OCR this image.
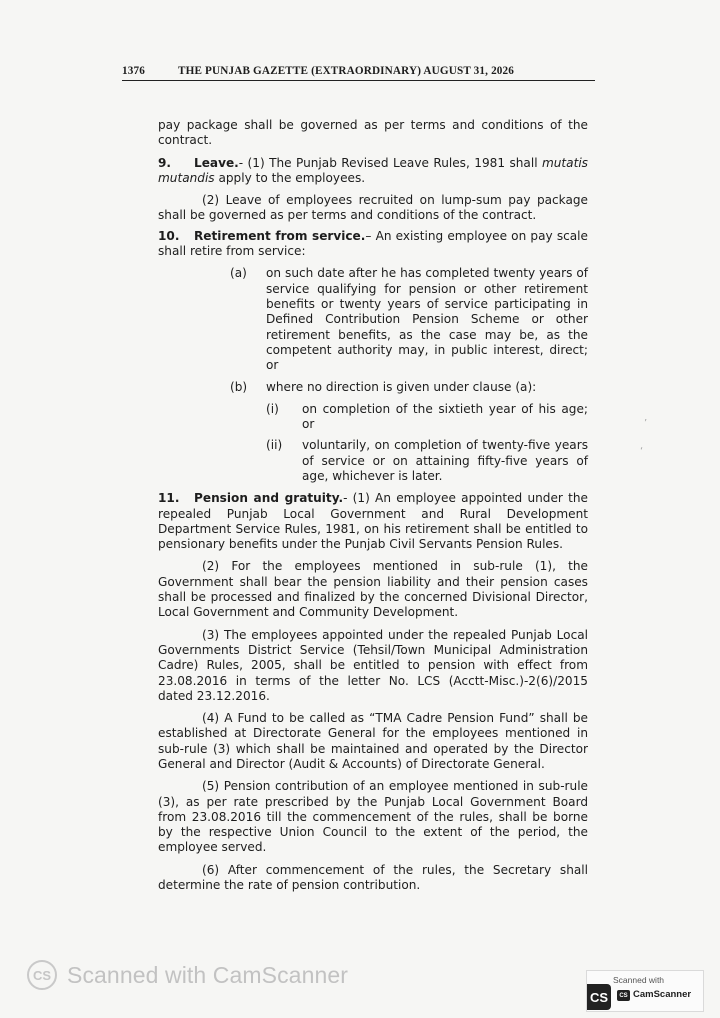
1376	THE PUNJAB GAZETTE (EXTRAORDINARY) AUGUST 31, 2026

pay package shall be governed as per terms and conditions of the contract.

9. Leave.- (1) The Punjab Revised Leave Rules, 1981 shall mutatis mutandis apply to the employees.

(2) Leave of employees recruited on lump-sum pay package shall be governed as per terms and conditions of the contract.

10. Retirement from service.– An existing employee on pay scale shall retire from service:

(a) on such date after he has completed twenty years of service qualifying for pension or other retirement benefits or twenty years of service participating in Defined Contribution Pension Scheme or other retirement benefits, as the case may be, as the competent authority may, in public interest, direct; or
(b) where no direction is given under clause (a):
(i) on completion of the sixtieth year of his age; or
(ii) voluntarily, on completion of twenty-five years of service or on attaining fifty-five years of age, whichever is later.

11. Pension and gratuity.- (1) An employee appointed under the repealed Punjab Local Government and Rural Development Department Service Rules, 1981, on his retirement shall be entitled to pensionary benefits under the Punjab Civil Servants Pension Rules.

(2) For the employees mentioned in sub-rule (1), the Government shall bear the pension liability and their pension cases shall be processed and finalized by the concerned Divisional Director, Local Government and Community Development.

(3) The employees appointed under the repealed Punjab Local Governments District Service (Tehsil/Town Municipal Administration Cadre) Rules, 2005, shall be entitled to pension with effect from 23.08.2016 in terms of the letter No. LCS (Acctt-Misc.)-2(6)/2015 dated 23.12.2016.

(4) A Fund to be called as “TMA Cadre Pension Fund” shall be established at Directorate General for the employees mentioned in sub-rule (3) which shall be maintained and operated by the Director General and Director (Audit & Accounts) of Directorate General.

(5) Pension contribution of an employee mentioned in sub-rule (3), as per rate prescribed by the Punjab Local Government Board from 23.08.2016 till the commencement of the rules, shall be borne by the respective Union Council to the extent of the period, the employee served.

(6) After commencement of the rules, the Secretary shall determine the rate of pension contribution.

’
‘
CS Scanned with CamScanner	Scanned with
CS	CS CamScanner
